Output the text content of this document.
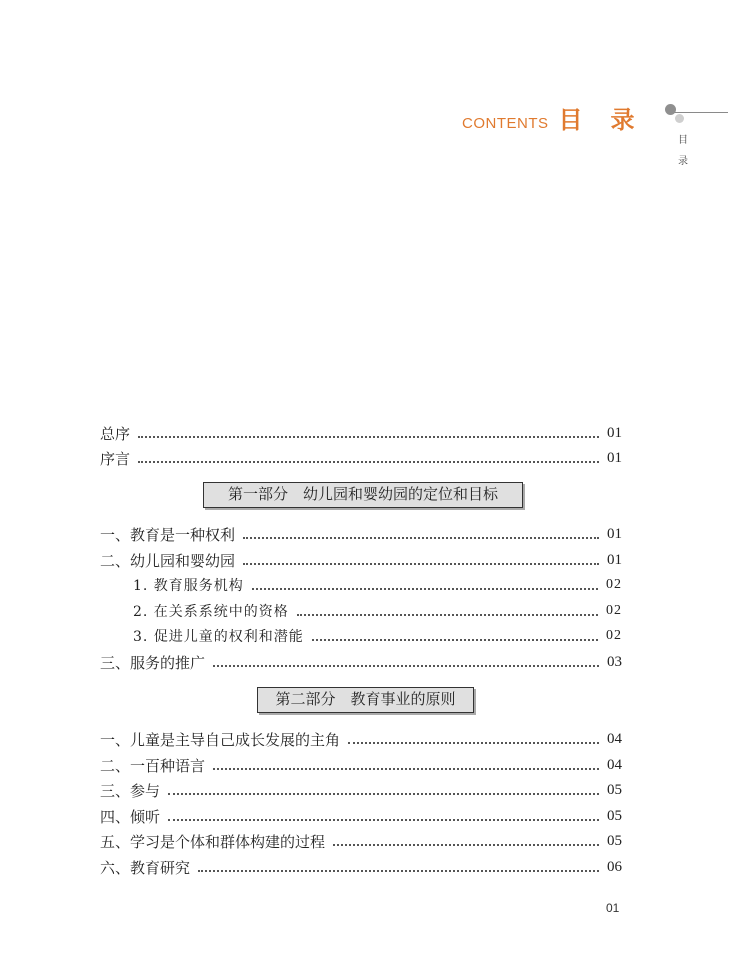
CONTENTS 目录
目
录
总序	01
序言	01
第一部分　幼儿园和婴幼园的定位和目标
一、教育是一种权利	01
二、幼儿园和婴幼园	01
1. 教育服务机构	02
2. 在关系系统中的资格	02
3. 促进儿童的权利和潜能	02
三、服务的推广	03
第二部分　教育事业的原则
一、儿童是主导自己成长发展的主角	04
二、一百种语言	04
三、参与	05
四、倾听	05
五、学习是个体和群体构建的过程	05
六、教育研究	06
01
